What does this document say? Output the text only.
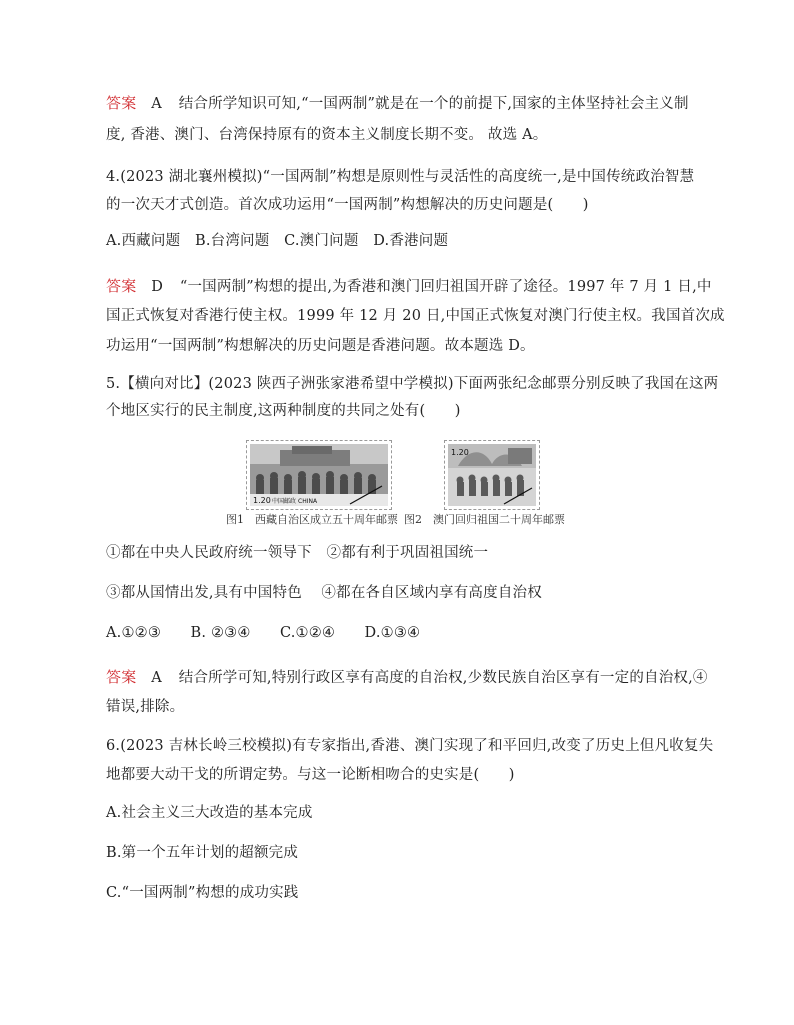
答案 A 结合所学知识可知,“一国两制”就是在一个的前提下,国家的主体坚持社会主义制
度, 香港、澳门、台湾保持原有的资本主义制度长期不变。 故选 A。
4.(2023 湖北襄州模拟)“一国两制”构想是原则性与灵活性的高度统一,是中国传统政治智慧
的一次天才式创造。首次成功运用“一国两制”构想解决的历史问题是(　　)
A.西藏问题　B.台湾问题　C.澳门问题　D.香港问题
答案 D “一国两制”构想的提出,为香港和澳门回归祖国开辟了途径。1997 年 7 月 1 日,中
国正式恢复对香港行使主权。1999 年 12 月 20 日,中国正式恢复对澳门行使主权。我国首次成
功运用“一国两制”构想解决的历史问题是香港问题。故本题选 D。
5.【横向对比】(2023 陕西子洲张家港希望中学模拟)下面两张纪念邮票分别反映了我国在这两
个地区实行的民主制度,这两种制度的共同之处有(　　)
1.20 中国邮政 CHINA
1.20
图1　西藏自治区成立五十周年邮票 图2　澳门回归祖国二十周年邮票
①都在中央人民政府统一领导下　②都有利于巩固祖国统一
③都从国情出发,具有中国特色　 ④都在各自区域内享有高度自治权
A.①②③　　B. ②③④　　C.①②④　　D.①③④
答案 A 结合所学可知,特别行政区享有高度的自治权,少数民族自治区享有一定的自治权,④
错误,排除。
6.(2023 吉林长岭三校模拟)有专家指出,香港、澳门实现了和平回归,改变了历史上但凡收复失
地都要大动干戈的所谓定势。与这一论断相吻合的史实是(　　)
A.社会主义三大改造的基本完成
B.第一个五年计划的超额完成
C.“一国两制”构想的成功实践
